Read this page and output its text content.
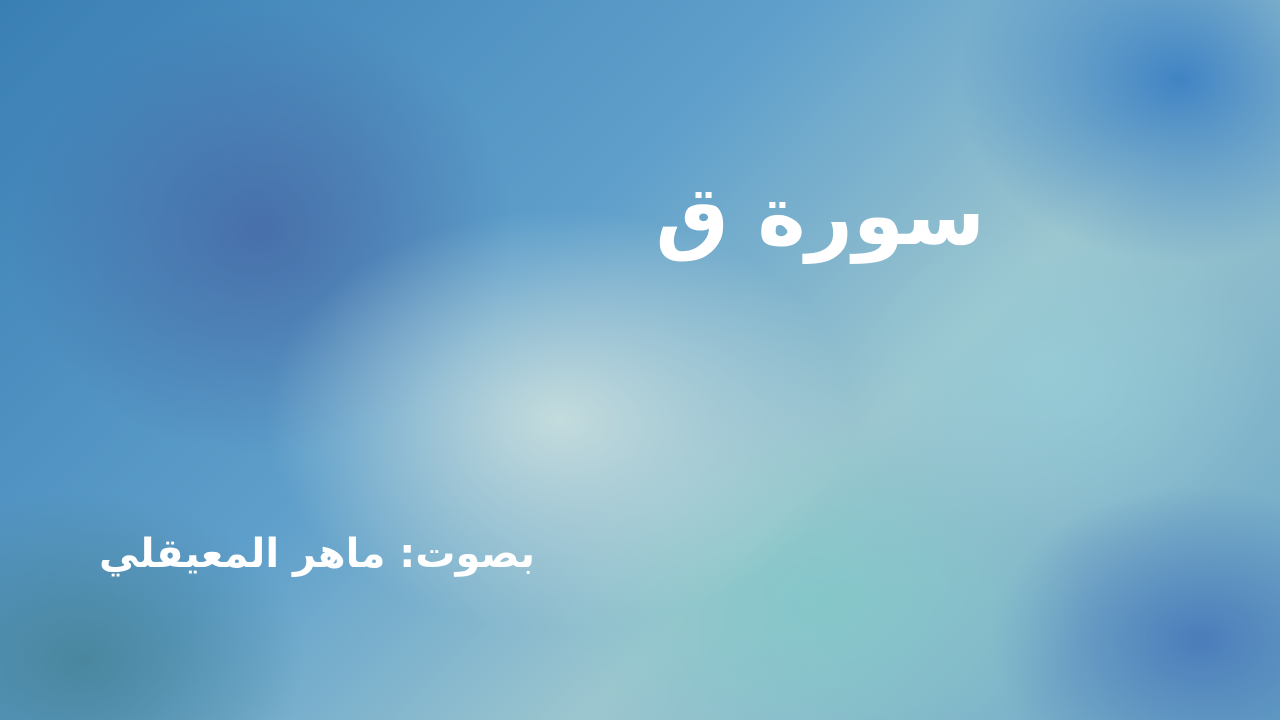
سورة ق
بصوت: ماهر المعيقلي
